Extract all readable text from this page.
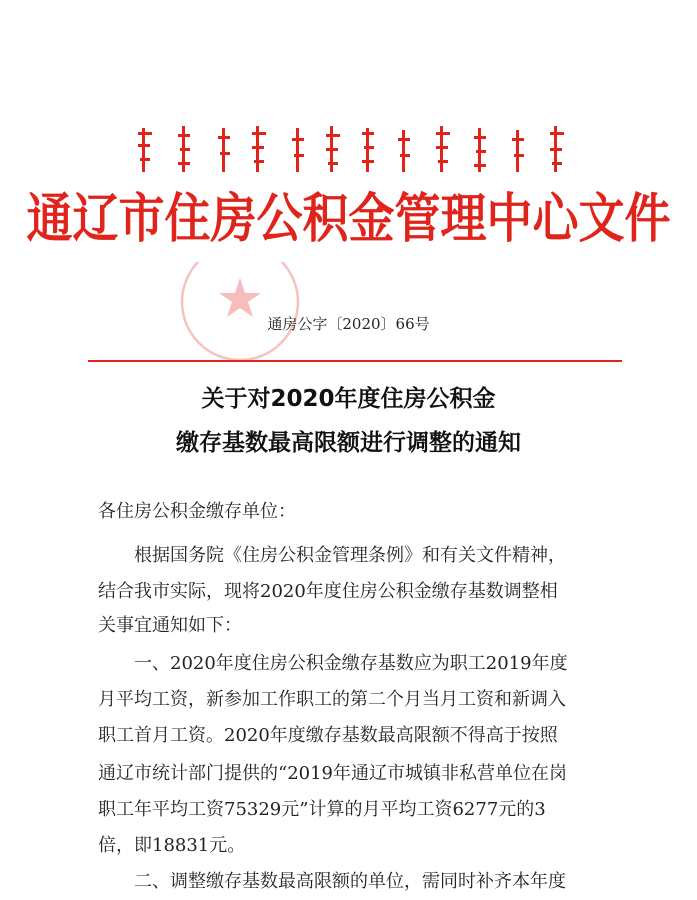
通辽市住房公积金管理中心文件
通房公字〔2020〕66号
关于对2020年度住房公积金
缴存基数最高限额进行调整的通知
各住房公积金缴存单位：
根据国务院《住房公积金管理条例》和有关文件精神，
结合我市实际，现将2020年度住房公积金缴存基数调整相
关事宜通知如下：
一、2020年度住房公积金缴存基数应为职工2019年度
月平均工资，新参加工作职工的第二个月当月工资和新调入
职工首月工资。2020年度缴存基数最高限额不得高于按照
通辽市统计部门提供的“2019年通辽市城镇非私营单位在岗
职工年平均工资75329元”计算的月平均工资6277元的3
倍，即18831元。
二、调整缴存基数最高限额的单位，需同时补齐本年度
